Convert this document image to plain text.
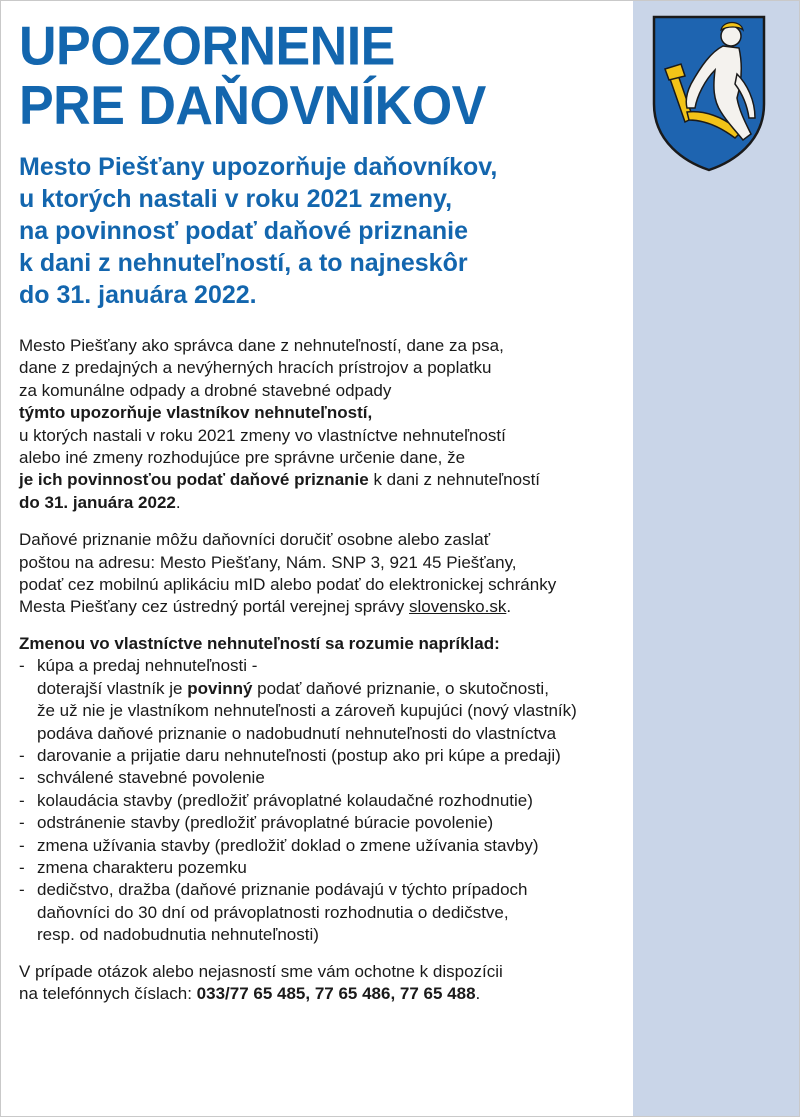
UPOZORNENIE
PRE DAŇOVNÍKOV
Mesto Piešťany upozorňuje daňovníkov,
u ktorých nastali v roku 2021 zmeny,
na povinnosť podať daňové priznanie
k dani z nehnuteľností, a to najneskôr
do 31. januára 2022.
Mesto Piešťany ako správca dane z nehnuteľností, dane za psa,
dane z predajných a nevýherných hracích prístrojov a poplatku
za komunálne odpady a drobné stavebné odpady
týmto upozorňuje vlastníkov nehnuteľností,
u ktorých nastali v roku 2021 zmeny vo vlastníctve nehnuteľností
alebo iné zmeny rozhodujúce pre správne určenie dane, že
je ich povinnosťou podať daňové priznanie k dani z nehnuteľností
do 31. januára 2022.
Daňové priznanie môžu daňovníci doručiť osobne alebo zaslať
poštou na adresu: Mesto Piešťany, Nám. SNP 3, 921 45 Piešťany,
podať cez mobilnú aplikáciu mID alebo podať do elektronickej schránky
Mesta Piešťany cez ústredný portál verejnej správy slovensko.sk.
Zmenou vo vlastníctve nehnuteľností sa rozumie napríklad:
- kúpa a predaj nehnuteľnosti -
doterajší vlastník je povinný podať daňové priznanie, o skutočnosti,
že už nie je vlastníkom nehnuteľnosti a zároveň kupujúci (nový vlastník)
podáva daňové priznanie o nadobudnutí nehnuteľnosti do vlastníctva
- darovanie a prijatie daru nehnuteľnosti (postup ako pri kúpe a predaji)
- schválené stavebné povolenie
- kolaudácia stavby (predložiť právoplatné kolaudačné rozhodnutie)
- odstránenie stavby (predložiť právoplatné búracie povolenie)
- zmena užívania stavby (predložiť doklad o zmene užívania stavby)
- zmena charakteru pozemku
- dedičstvo, dražba (daňové priznanie podávajú v týchto prípadoch
daňovníci do 30 dní od právoplatnosti rozhodnutia o dedičstve,
resp. od nadobudnutia nehnuteľnosti)
V prípade otázok alebo nejasností sme vám ochotne k dispozícii
na telefónnych číslach: 033/77 65 485, 77 65 486, 77 65 488.
